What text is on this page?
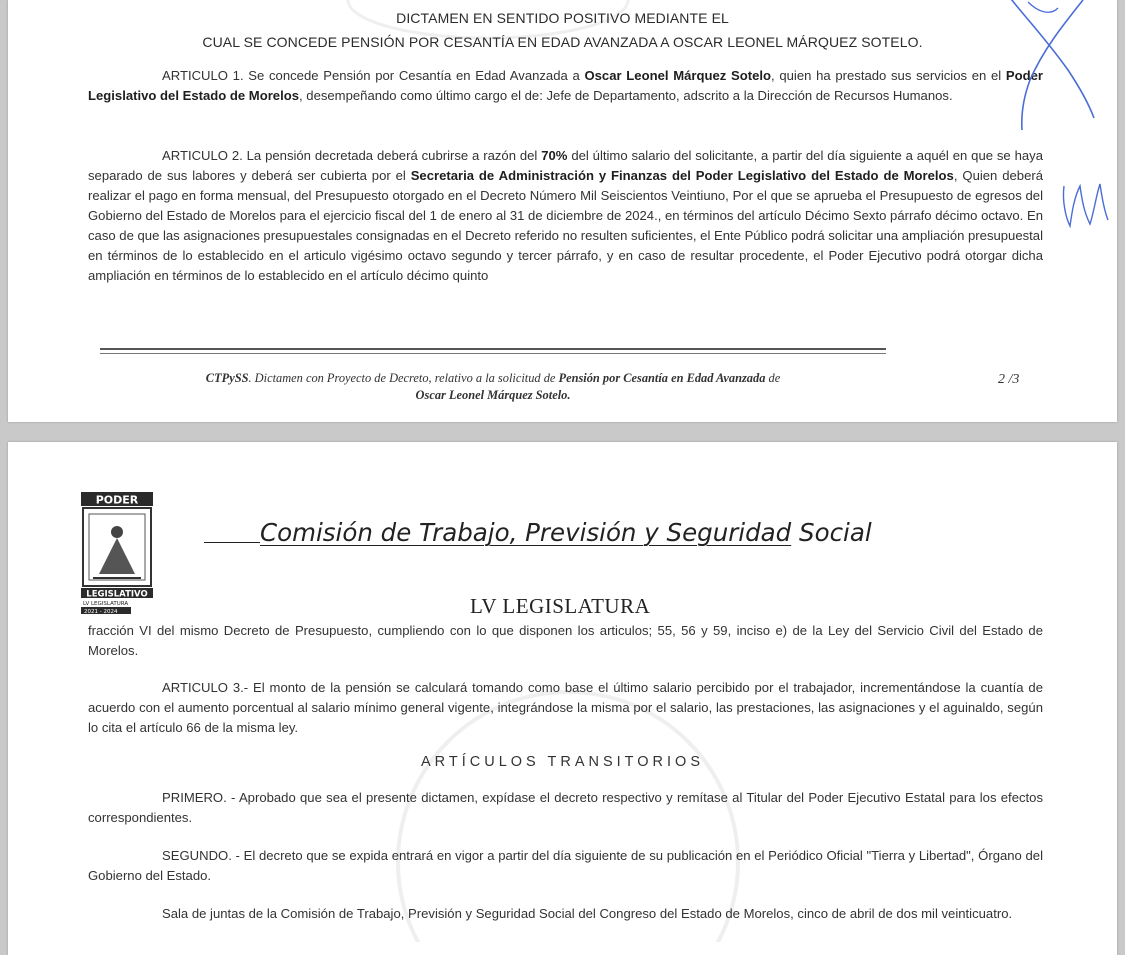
DICTAMEN EN SENTIDO POSITIVO MEDIANTE EL
CUAL SE CONCEDE PENSIÓN POR CESANTÍA EN EDAD AVANZADA A OSCAR LEONEL MÁRQUEZ SOTELO.
ARTICULO 1. Se concede Pensión por Cesantía en Edad Avanzada a Oscar Leonel Márquez Sotelo, quien ha prestado sus servicios en el Poder Legislativo del Estado de Morelos, desempeñando como último cargo el de: Jefe de Departamento, adscrito a la Dirección de Recursos Humanos.
ARTICULO 2. La pensión decretada deberá cubrirse a razón del 70% del último salario del solicitante, a partir del día siguiente a aquél en que se haya separado de sus labores y deberá ser cubierta por el Secretaria de Administración y Finanzas del Poder Legislativo del Estado de Morelos, Quien deberá realizar el pago en forma mensual, del Presupuesto otorgado en el Decreto Número Mil Seiscientos Veintiuno, Por el que se aprueba el Presupuesto de egresos del Gobierno del Estado de Morelos para el ejercicio fiscal del 1 de enero al 31 de diciembre de 2024., en términos del artículo Décimo Sexto párrafo décimo octavo. En caso de que las asignaciones presupuestales consignadas en el Decreto referido no resulten suficientes, el Ente Público podrá solicitar una ampliación presupuestal en términos de lo establecido en el articulo vigésimo octavo segundo y tercer párrafo, y en caso de resultar procedente, el Poder Ejecutivo podrá otorgar dicha ampliación en términos de lo establecido en el artículo décimo quinto
CTPySS. Dictamen con Proyecto de Decreto, relativo a la solicitud de Pensión por Cesantía en Edad Avanzada de
Oscar Leonel Márquez Sotelo.
2 /3
PODER
LEGISLATIVO
LV LEGISLATURA
2021 - 2024
Comisión de Trabajo, Previsión y Seguridad Social
LV LEGISLATURA
fracción VI del mismo Decreto de Presupuesto, cumpliendo con lo que disponen los articulos; 55, 56 y 59, inciso e) de la Ley del Servicio Civil del Estado de Morelos.
ARTICULO 3.- El monto de la pensión se calculará tomando como base el último salario percibido por el trabajador, incrementándose la cuantía de acuerdo con el aumento porcentual al salario mínimo general vigente, integrándose la misma por el salario, las prestaciones, las asignaciones y el aguinaldo, según lo cita el artículo 66 de la misma ley.
ARTÍCULOS TRANSITORIOS
PRIMERO. - Aprobado que sea el presente dictamen, expídase el decreto respectivo y remítase al Titular del Poder Ejecutivo Estatal para los efectos correspondientes.
SEGUNDO. - El decreto que se expida entrará en vigor a partir del día siguiente de su publicación en el Periódico Oficial "Tierra y Libertad", Órgano del Gobierno del Estado.
Sala de juntas de la Comisión de Trabajo, Previsión y Seguridad Social del Congreso del Estado de Morelos, cinco de abril de dos mil veinticuatro.
